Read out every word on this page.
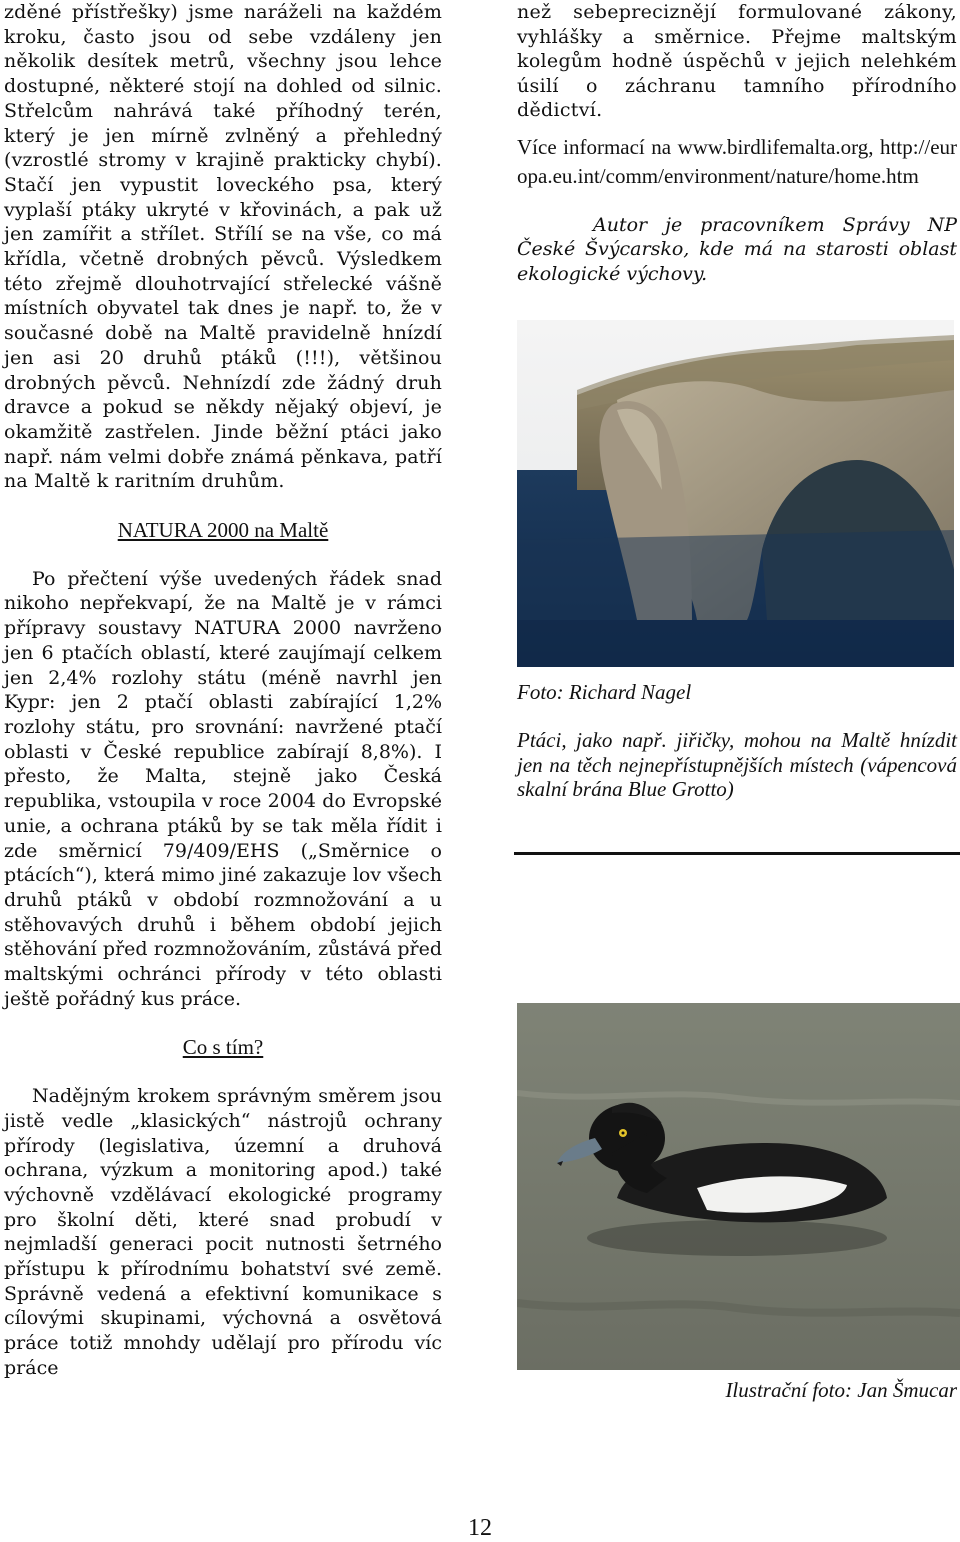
zděné přístřešky) jsme naráželi na každém kroku, často jsou od sebe vzdáleny jen několik desítek metrů, všechny jsou lehce dostupné, některé stojí na dohled od silnic. Střelcům nahrává také příhodný terén, který je jen mírně zvlněný a přehledný (vzrostlé stromy v krajině prakticky chybí). Stačí jen vypustit loveckého psa, který vyplaší ptáky ukryté v křovinách, a pak už jen zamířit a střílet. Střílí se na vše, co má křídla, včetně drobných pěvců. Výsledkem této zřejmě dlouhotrvající střelecké vášně místních obyvatel tak dnes je např. to, že v současné době na Maltě pravidelně hnízdí jen asi 20 druhů ptáků (!!!), většinou drobných pěvců. Nehnízdí zde žádný druh dravce a pokud se někdy nějaký objeví, je okamžitě zastřelen. Jinde běžní ptáci jako např. nám velmi dobře známá pěnkava, patří na Maltě k raritním druhům.

NATURA 2000 na Maltě

Po přečtení výše uvedených řádek snad nikoho nepřekvapí, že na Maltě je v rámci přípravy soustavy NATURA 2000 navrženo jen 6 ptačích oblastí, které zaujímají celkem jen 2,4% rozlohy státu (méně navrhl jen Kypr: jen 2 ptačí oblasti zabírající 1,2% rozlohy státu, pro srovnání: navržené ptačí oblasti v České republice zabírají 8,8%). I přesto, že Malta, stejně jako Česká republika, vstoupila v roce 2004 do Evropské unie, a ochrana ptáků by se tak měla řídit i zde směrnicí 79/409/EHS („Směrnice o ptácích“), která mimo jiné zakazuje lov všech druhů ptáků v období rozmnožování a u stěhovavých druhů i během období jejich stěhování před rozmnožováním, zůstává před maltskými ochránci přírody v této oblasti ještě pořádný kus práce.

Co s tím?

Nadějným krokem správným směrem jsou jistě vedle „klasických“ nástrojů ochrany přírody (legislativa, územní a druhová ochrana, výzkum a monitoring apod.) také výchovně vzdělávací ekologické programy pro školní děti, které snad probudí v nejmladší generaci pocit nutnosti šetrného přístupu k přírodnímu bohatství své země. Správně vedená a efektivní komunikace s cílovými skupinami, výchovná a osvětová práce totiž mnohdy udělají pro přírodu víc práce

než sebepreciznějí formulované zákony, vyhlášky a směrnice. Přejme maltským kolegům hodně úspěchů v jejich nelehkém úsilí o záchranu tamního přírodního dědictví.

Více informací na www.birdlifemalta.org, http://europa.eu.int/comm/environment/nature/home.htm

Autor je pracovníkem Správy NP České Švýcarsko, kde má na starosti oblast ekologické výchovy.

Foto: Richard Nagel
Ptáci, jako např. jiřičky, mohou na Maltě hnízdit jen na těch nejnepřístupnějších místech (vápencová skalní brána Blue Grotto)
Ilustrační foto: Jan Šmucar
12
